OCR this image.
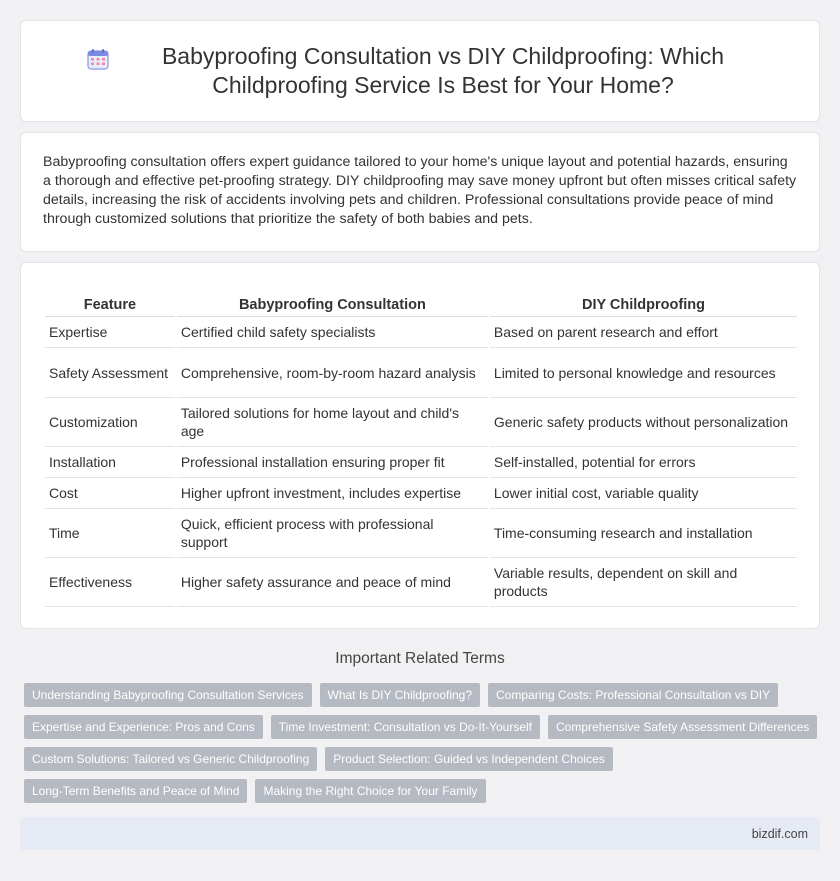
Babyproofing Consultation vs DIY Childproofing: Which Childproofing Service Is Best for Your Home?

Babyproofing consultation offers expert guidance tailored to your home's unique layout and potential hazards, ensuring a thorough and effective pet-proofing strategy. DIY childproofing may save money upfront but often misses critical safety details, increasing the risk of accidents involving pets and children. Professional consultations provide peace of mind through customized solutions that prioritize the safety of both babies and pets.

Feature	Babyproofing Consultation	DIY Childproofing
Expertise	Certified child safety specialists	Based on parent research and effort
Safety Assessment	Comprehensive, room-by-room hazard analysis	Limited to personal knowledge and resources
Customization	Tailored solutions for home layout and child's age	Generic safety products without personalization
Installation	Professional installation ensuring proper fit	Self-installed, potential for errors
Cost	Higher upfront investment, includes expertise	Lower initial cost, variable quality
Time	Quick, efficient process with professional support	Time-consuming research and installation
Effectiveness	Higher safety assurance and peace of mind	Variable results, dependent on skill and products
Important Related Terms
Understanding Babyproofing Consultation Services	What Is DIY Childproofing?	Comparing Costs: Professional Consultation vs DIY
Expertise and Experience: Pros and Cons	Time Investment: Consultation vs Do-It-Yourself	Comprehensive Safety Assessment Differences
Custom Solutions: Tailored vs Generic Childproofing	Product Selection: Guided vs Independent Choices
Long-Term Benefits and Peace of Mind	Making the Right Choice for Your Family
bizdif.com
